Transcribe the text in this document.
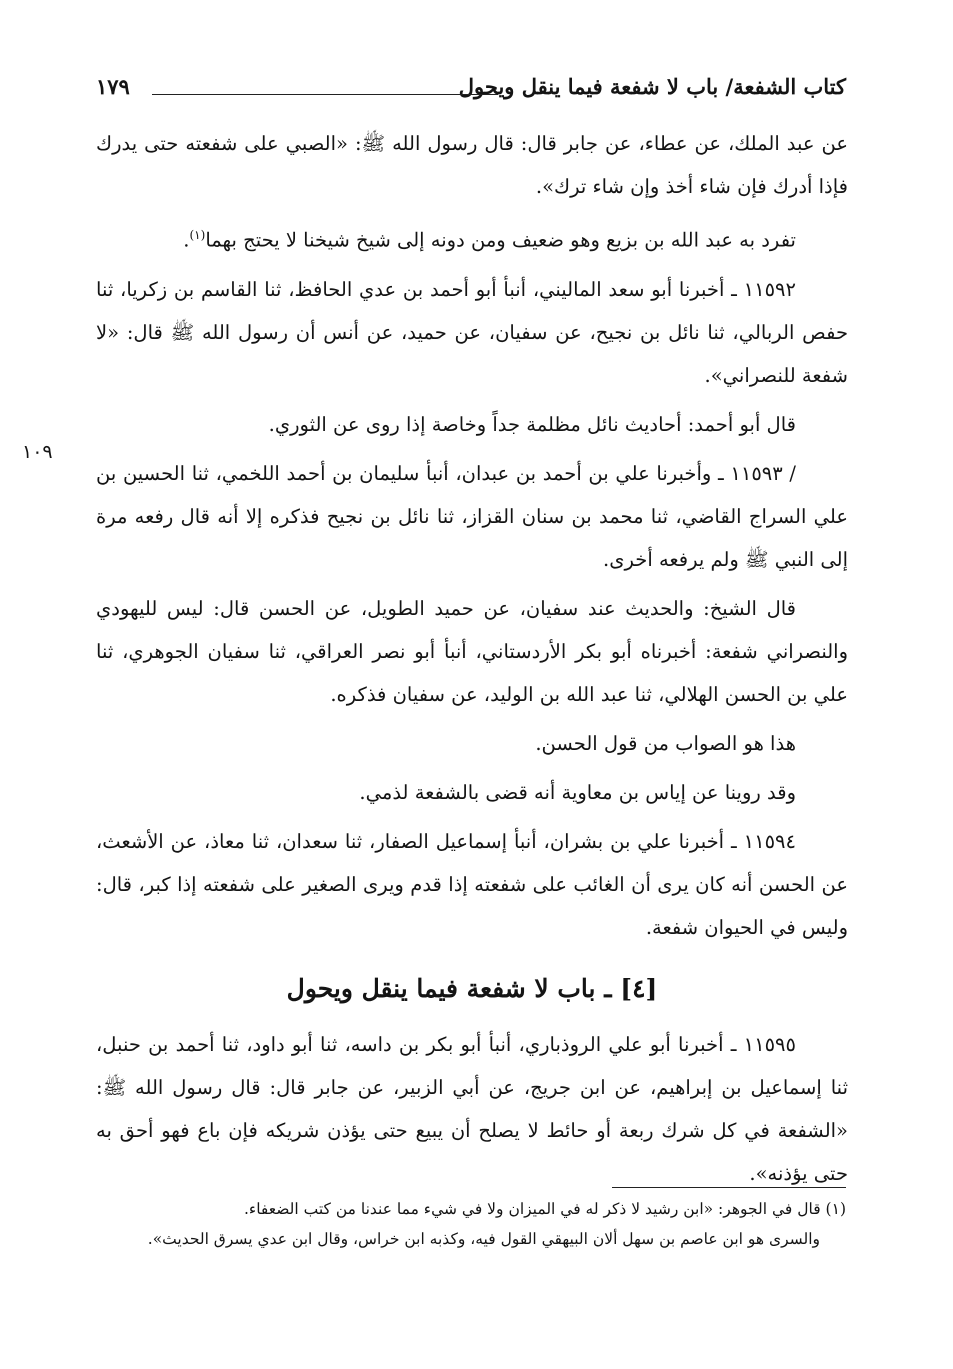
كتاب الشفعة/ باب لا شفعة فيما ينقل ويحول
١٧٩
١٠٩

عن عبد الملك، عن عطاء، عن جابر قال: قال رسول الله ﷺ: «الصبي على شفعته حتى يدرك فإذا أدرك فإن شاء أخذ وإن شاء ترك».

تفرد به عبد الله بن بزيع وهو ضعيف ومن دونه إلى شيخ شيخنا لا يحتج بهما$^{(١)}$.

١١٥٩٢ ـ أخبرنا أبو سعد الماليني، أنبأ أبو أحمد بن عدي الحافظ، ثنا القاسم بن زكريا، ثنا حفص الربالي، ثنا نائل بن نجيح، عن سفيان، عن حميد، عن أنس أن رسول الله ﷺ قال: «لا شفعة للنصراني».

قال أبو أحمد: أحاديث نائل مظلمة جداً وخاصة إذا روى عن الثوري.

/ ١١٥٩٣ ـ وأخبرنا علي بن أحمد بن عبدان، أنبأ سليمان بن أحمد اللخمي، ثنا الحسين بن علي السراج القاضي، ثنا محمد بن سنان القزاز، ثنا نائل بن نجيح فذكره إلا أنه قال رفعه مرة إلى النبي ﷺ ولم يرفعه أخرى.

قال الشيخ: والحديث عند سفيان، عن حميد الطويل، عن الحسن قال: ليس لليهودي والنصراني شفعة: أخبرناه أبو بكر الأردستاني، أنبأ أبو نصر العراقي، ثنا سفيان الجوهري، ثنا علي بن الحسن الهلالي، ثنا عبد الله بن الوليد، عن سفيان فذكره.

هذا هو الصواب من قول الحسن.

وقد روينا عن إياس بن معاوية أنه قضى بالشفعة لذمي.

١١٥٩٤ ـ أخبرنا علي بن بشران، أنبأ إسماعيل الصفار، ثنا سعدان، ثنا معاذ، عن الأشعث، عن الحسن أنه كان يرى أن الغائب على شفعته إذا قدم ويرى الصغير على شفعته إذا كبر، قال: وليس في الحيوان شفعة.

[٤] ـ باب لا شفعة فيما ينقل ويحول

١١٥٩٥ ـ أخبرنا أبو علي الروذباري، أنبأ أبو بكر بن داسه، ثنا أبو داود، ثنا أحمد بن حنبل، ثنا إسماعيل بن إبراهيم، عن ابن جريج، عن أبي الزبير، عن جابر قال: قال رسول الله ﷺ: «الشفعة في كل شرك ربعة أو حائط لا يصلح أن يبيع حتى يؤذن شريكه فإن باع فهو أحق به حتى يؤذنه».

(١) قال في الجوهر: «ابن رشيد لا ذكر له في الميزان ولا في شيء مما عندنا من كتب الضعفاء.

والسرى هو ابن عاصم بن سهل ألان البيهقي القول فيه، وكذبه ابن خراس، وقال ابن عدي يسرق الحديث».
